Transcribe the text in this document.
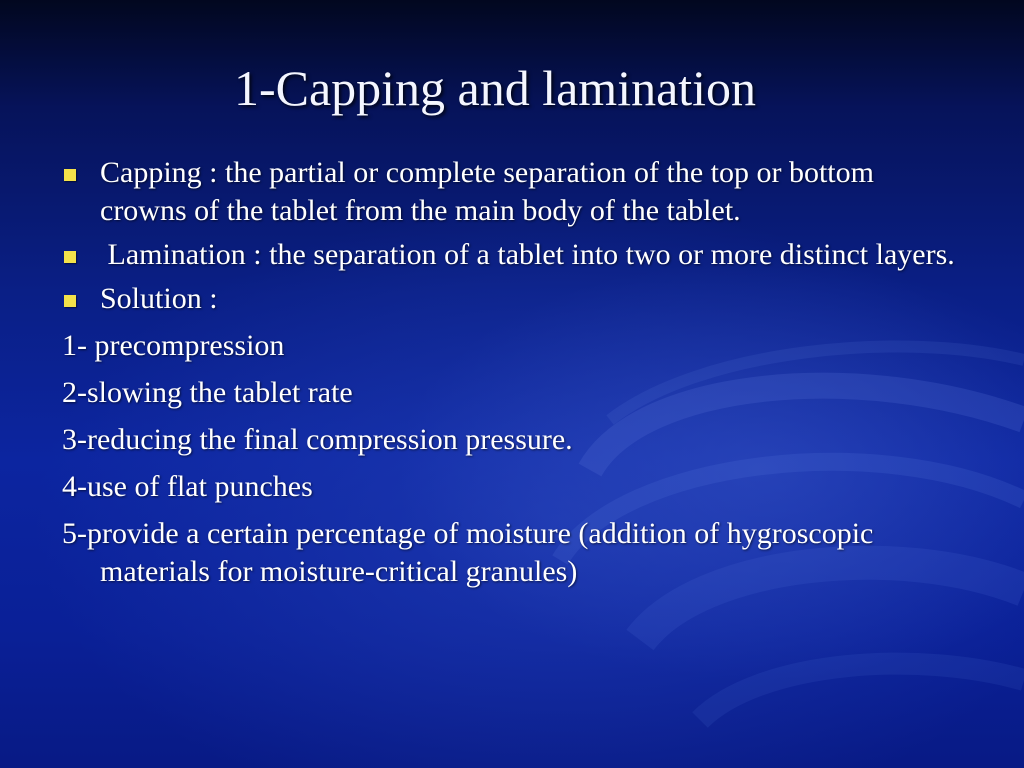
1-Capping and lamination
Capping : the partial or complete separation of the top or bottom crowns of the tablet from the main body of the tablet.
Lamination : the separation of a tablet into two or more distinct layers.
Solution :
1- precompression
2-slowing the tablet rate
3-reducing the final compression pressure.
4-use of flat punches
5-provide a certain percentage of moisture (addition of hygroscopic materials for moisture-critical granules)
